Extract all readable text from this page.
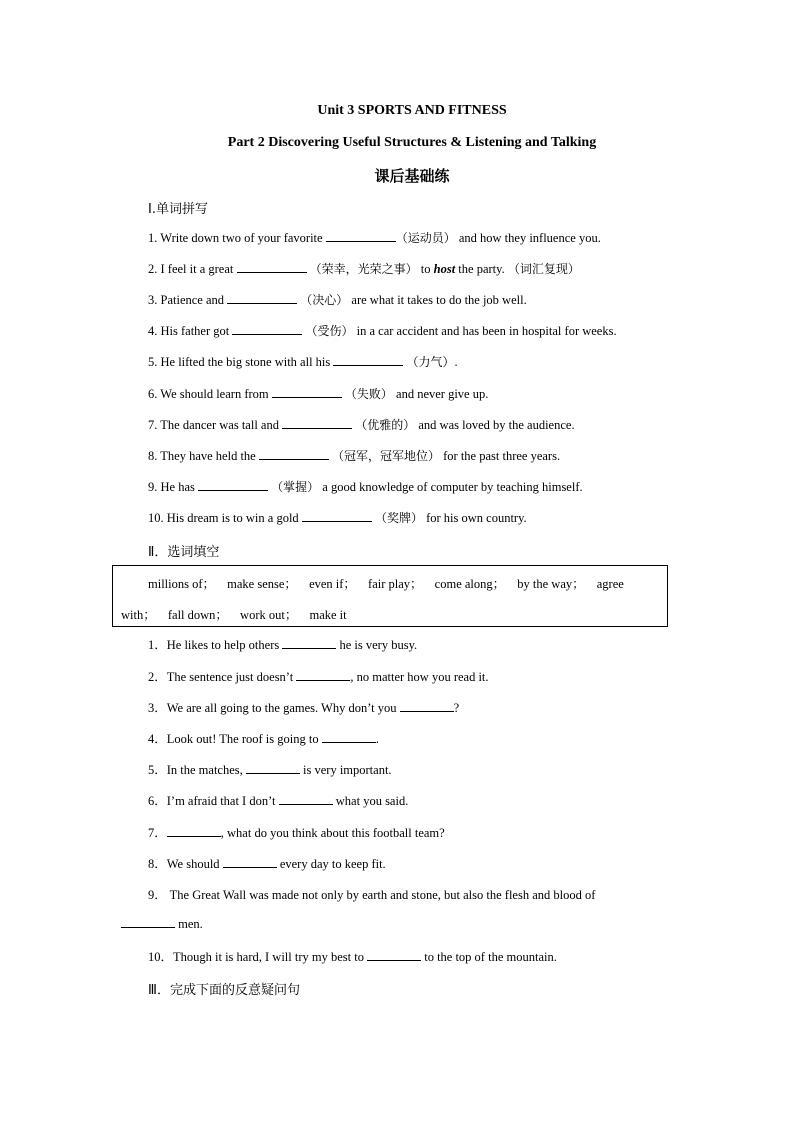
Unit 3 SPORTS AND FITNESS
Part 2 Discovering Useful Structures & Listening and Talking
课后基础练
Ⅰ.单词拼写
1. Write down two of your favorite	（运动员） and how they influence you.
2. I feel it a great	（荣幸，光荣之事） to host the party. （词汇复现）
3. Patience and	（决心） are what it takes to do the job well.
4. His father got	（受伤） in a car accident and has been in hospital for weeks.
5. He lifted the big stone with all his	（力气）.
6. We should learn from	（失败） and never give up.
7. The dancer was tall and	（优雅的） and was loved by the audience.
8. They have held the	（冠军，冠军地位） for the past three years.
9. He has	（掌握） a good knowledge of computer by teaching himself.
10. His dream is to win a gold	（奖牌） for his own country.
Ⅱ．选词填空
millions of； make sense； even if； fair play； come along； by the way； agree
with； fall down； work out； make it
1．He likes to help others	he is very busy.
2．The sentence just doesn’t	, no matter how you read it.
3．We are all going to the games. Why don’t you	?
4．Look out! The roof is going to	.
5．In the matches,	is very important.
6．I’m afraid that I don’t	what you said.
7．	, what do you think about this football team?
8．We should	every day to keep fit.
9． The Great Wall was made not only by earth and stone, but also the flesh and blood of
men.
10．Though it is hard, I will try my best to	to the top of the mountain.
Ⅲ．完成下面的反意疑问句
